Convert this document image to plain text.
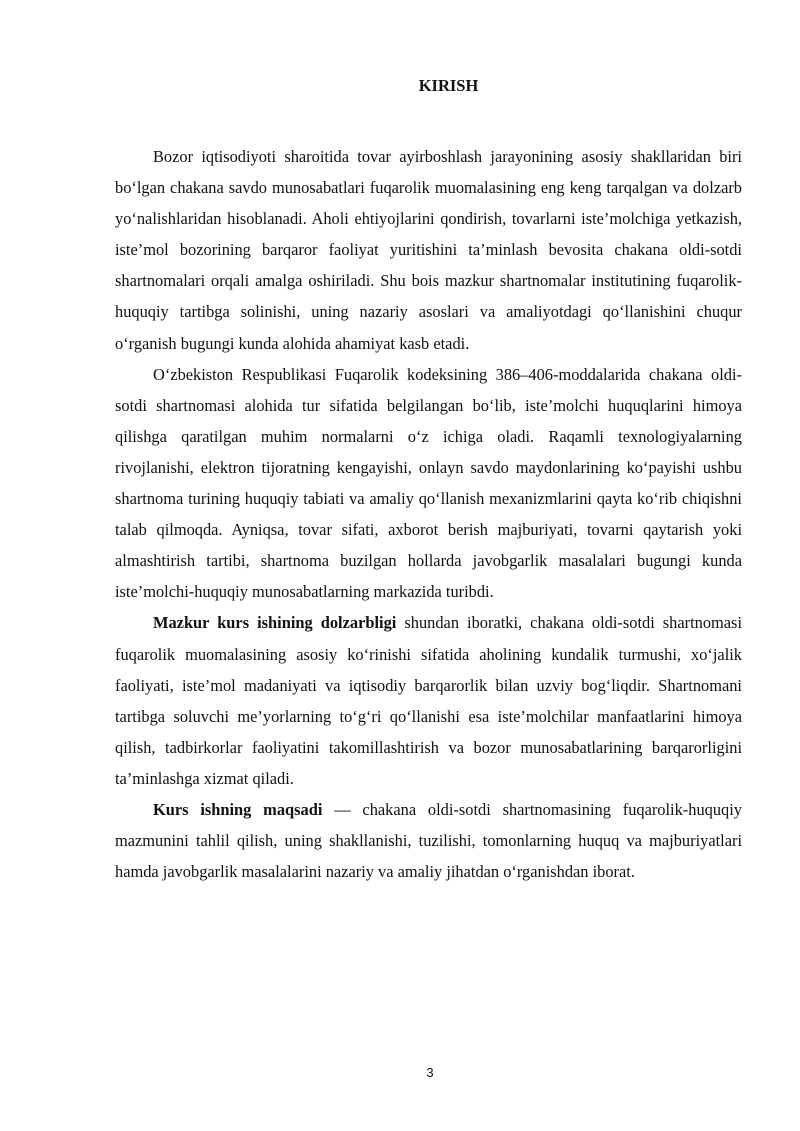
KIRISH

Bozor iqtisodiyoti sharoitida tovar ayirboshlash jarayonining asosiy shakllaridan biri bo‘lgan chakana savdo munosabatlari fuqarolik muomalasining eng keng tarqalgan va dolzarb yo‘nalishlaridan hisoblanadi. Aholi ehtiyojlarini qondirish, tovarlarni iste’molchiga yetkazish, iste’mol bozorining barqaror faoliyat yuritishini ta’minlash bevosita chakana oldi-sotdi shartnomalari orqali amalga oshiriladi. Shu bois mazkur shartnomalar institutining fuqarolik-huquqiy tartibga solinishi, uning nazariy asoslari va amaliyotdagi qo‘llanishini chuqur o‘rganish bugungi kunda alohida ahamiyat kasb etadi.

O‘zbekiston Respublikasi Fuqarolik kodeksining 386–406-moddalarida chakana oldi-sotdi shartnomasi alohida tur sifatida belgilangan bo‘lib, iste’molchi huquqlarini himoya qilishga qaratilgan muhim normalarni o‘z ichiga oladi. Raqamli texnologiyalarning rivojlanishi, elektron tijoratning kengayishi, onlayn savdo maydonlarining ko‘payishi ushbu shartnoma turining huquqiy tabiati va amaliy qo‘llanish mexanizmlarini qayta ko‘rib chiqishni talab qilmoqda. Ayniqsa, tovar sifati, axborot berish majburiyati, tovarni qaytarish yoki almashtirish tartibi, shartnoma buzilgan hollarda javobgarlik masalalari bugungi kunda iste’molchi-huquqiy munosabatlarning markazida turibdi.

Mazkur kurs ishining dolzarbligi shundan iboratki, chakana oldi-sotdi shartnomasi fuqarolik muomalasining asosiy ko‘rinishi sifatida aholining kundalik turmushi, xo‘jalik faoliyati, iste’mol madaniyati va iqtisodiy barqarorlik bilan uzviy bog‘liqdir. Shartnomani tartibga soluvchi me’yorlarning to‘g‘ri qo‘llanishi esa iste’molchilar manfaatlarini himoya qilish, tadbirkorlar faoliyatini takomillashtirish va bozor munosabatlarining barqarorligini ta’minlashga xizmat qiladi.

Kurs ishning maqsadi — chakana oldi-sotdi shartnomasining fuqarolik-huquqiy mazmunini tahlil qilish, uning shakllanishi, tuzilishi, tomonlarning huquq va majburiyatlari hamda javobgarlik masalalarini nazariy va amaliy jihatdan o‘rganishdan iborat.

3
